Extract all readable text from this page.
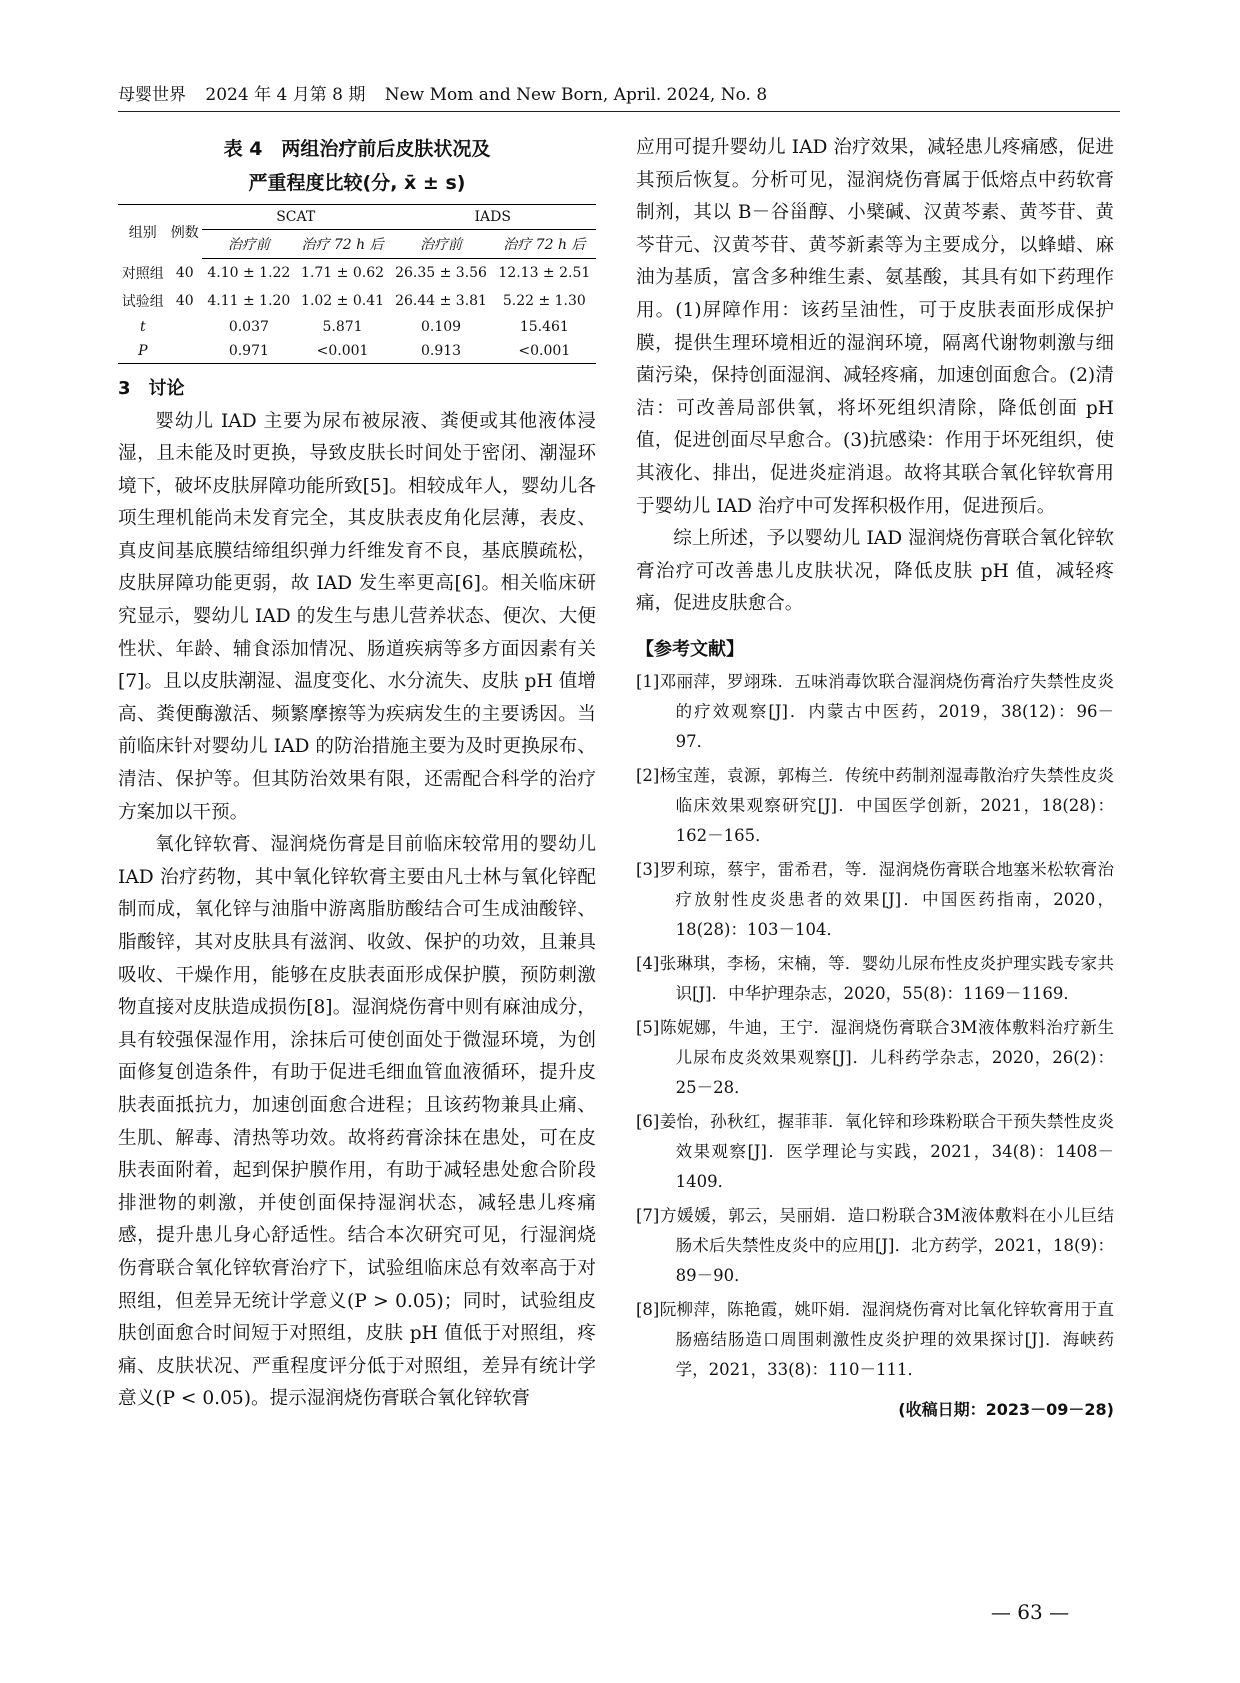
母婴世界 2024 年 4 月第 8 期 New Mom and New Born, April. 2024, No. 8
表 4　两组治疗前后皮肤状况及
严重程度比较(分, x̄ ± s)
组别	例数	SCAT		IADS	
		治疗前	治疗 72 h 后	治疗前	治疗 72 h 后
对照组	40	4.10 ± 1.22	1.71 ± 0.62	26.35 ± 3.56	12.13 ± 2.51
试验组	40	4.11 ± 1.20	1.02 ± 0.41	26.44 ± 3.81	5.22 ± 1.30
t		0.037	5.871	0.109	15.461
P		0.971	<0.001	0.913	<0.001
3　讨论

婴幼儿 IAD 主要为尿布被尿液、粪便或其他液体浸湿，且未能及时更换，导致皮肤长时间处于密闭、潮湿环境下，破坏皮肤屏障功能所致[5]。相较成年人，婴幼儿各项生理机能尚未发育完全，其皮肤表皮角化层薄，表皮、真皮间基底膜结缔组织弹力纤维发育不良，基底膜疏松，皮肤屏障功能更弱，故 IAD 发生率更高[6]。相关临床研究显示，婴幼儿 IAD 的发生与患儿营养状态、便次、大便性状、年龄、辅食添加情况、肠道疾病等多方面因素有关[7]。且以皮肤潮湿、温度变化、水分流失、皮肤 pH 值增高、粪便酶激活、频繁摩擦等为疾病发生的主要诱因。当前临床针对婴幼儿 IAD 的防治措施主要为及时更换尿布、清洁、保护等。但其防治效果有限，还需配合科学的治疗方案加以干预。

氧化锌软膏、湿润烧伤膏是目前临床较常用的婴幼儿 IAD 治疗药物，其中氧化锌软膏主要由凡士林与氧化锌配制而成，氧化锌与油脂中游离脂肪酸结合可生成油酸锌、脂酸锌，其对皮肤具有滋润、收敛、保护的功效，且兼具吸收、干燥作用，能够在皮肤表面形成保护膜，预防刺激物直接对皮肤造成损伤[8]。湿润烧伤膏中则有麻油成分，具有较强保湿作用，涂抹后可使创面处于微湿环境，为创面修复创造条件，有助于促进毛细血管血液循环，提升皮肤表面抵抗力，加速创面愈合进程；且该药物兼具止痛、生肌、解毒、清热等功效。故将药膏涂抹在患处，可在皮肤表面附着，起到保护膜作用，有助于减轻患处愈合阶段排泄物的刺激，并使创面保持湿润状态，减轻患儿疼痛感，提升患儿身心舒适性。结合本次研究可见，行湿润烧伤膏联合氧化锌软膏治疗下，试验组临床总有效率高于对照组，但差异无统计学意义(P > 0.05)；同时，试验组皮肤创面愈合时间短于对照组，皮肤 pH 值低于对照组，疼痛、皮肤状况、严重程度评分低于对照组，差异有统计学意义(P < 0.05)。提示湿润烧伤膏联合氧化锌软膏

应用可提升婴幼儿 IAD 治疗效果，减轻患儿疼痛感，促进其预后恢复。分析可见，湿润烧伤膏属于低熔点中药软膏制剂，其以 B－谷甾醇、小檗碱、汉黄芩素、黄芩苷、黄芩苷元、汉黄芩苷、黄芩新素等为主要成分，以蜂蜡、麻油为基质，富含多种维生素、氨基酸，其具有如下药理作用。(1)屏障作用：该药呈油性，可于皮肤表面形成保护膜，提供生理环境相近的湿润环境，隔离代谢物刺激与细菌污染，保持创面湿润、减轻疼痛，加速创面愈合。(2)清洁：可改善局部供氧，将坏死组织清除，降低创面 pH 值，促进创面尽早愈合。(3)抗感染：作用于坏死组织，使其液化、排出，促进炎症消退。故将其联合氧化锌软膏用于婴幼儿 IAD 治疗中可发挥积极作用，促进预后。

综上所述，予以婴幼儿 IAD 湿润烧伤膏联合氧化锌软膏治疗可改善患儿皮肤状况，降低皮肤 pH 值，减轻疼痛，促进皮肤愈合。

【参考文献】

[1]邓丽萍，罗翊珠．五味消毒饮联合湿润烧伤膏治疗失禁性皮炎的疗效观察[J]．内蒙古中医药，2019，38(12)：96－97．

[2]杨宝莲，袁源，郭梅兰．传统中药制剂湿毒散治疗失禁性皮炎临床效果观察研究[J]．中国医学创新，2021，18(28)：162－165．

[3]罗利琼，蔡宇，雷希君，等．湿润烧伤膏联合地塞米松软膏治疗放射性皮炎患者的效果[J]．中国医药指南，2020，18(28)：103－104．

[4]张琳琪，李杨，宋楠，等．婴幼儿尿布性皮炎护理实践专家共识[J]．中华护理杂志，2020，55(8)：1169－1169．

[5]陈妮娜，牛迪，王宁．湿润烧伤膏联合3M液体敷料治疗新生儿尿布皮炎效果观察[J]．儿科药学杂志，2020，26(2)：25－28．

[6]姜怡，孙秋红，握菲菲．氧化锌和珍珠粉联合干预失禁性皮炎效果观察[J]．医学理论与实践，2021，34(8)：1408－1409．

[7]方媛媛，郭云，吴丽娟．造口粉联合3M液体敷料在小儿巨结肠术后失禁性皮炎中的应用[J]．北方药学，2021，18(9)：89－90．

[8]阮柳萍，陈艳霞，姚吓娟．湿润烧伤膏对比氧化锌软膏用于直肠癌结肠造口周围刺激性皮炎护理的效果探讨[J]．海峡药学，2021，33(8)：110－111．

(收稿日期：2023－09－28)
— 63 —
